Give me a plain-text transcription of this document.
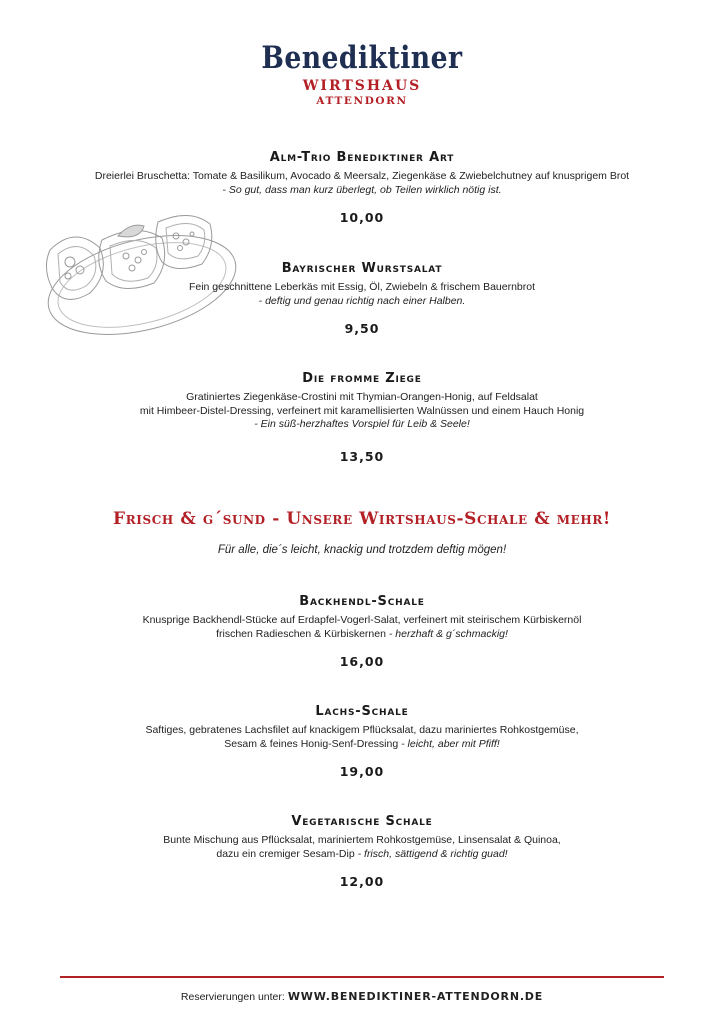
Benediktiner
WIRTSHAUS
ATTENDORN
Alm-Trio Benediktiner Art
Dreierlei Bruschetta: Tomate & Basilikum, Avocado & Meersalz, Ziegenkäse & Zwiebelchutney auf knusprigem Brot
- So gut, dass man kurz überlegt, ob Teilen wirklich nötig ist.
10,00
Bayrischer Wurstsalat
Fein geschnittene Leberkäs mit Essig, Öl, Zwiebeln & frischem Bauernbrot
- deftig und genau richtig nach einer Halben.
9,50
Die fromme Ziege
Gratiniertes Ziegenkäse-Crostini mit Thymian-Orangen-Honig, auf Feldsalat
mit Himbeer-Distel-Dressing, verfeinert mit karamellisierten Walnüssen und einem Hauch Honig
- Ein süß-herzhaftes Vorspiel für Leib & Seele!
13,50
Frisch & g´sund - Unsere Wirtshaus-Schale & mehr!
Für alle, die´s leicht, knackig und trotzdem deftig mögen!
Backhendl-Schale
Knusprige Backhendl-Stücke auf Erdapfel-Vogerl-Salat, verfeinert mit steirischem Kürbiskernöl
frischen Radieschen & Kürbiskernen - herzhaft & g´schmackig!
16,00
Lachs-Schale
Saftiges, gebratenes Lachsfilet auf knackigem Pflücksalat, dazu mariniertes Rohkostgemüse,
Sesam & feines Honig-Senf-Dressing - leicht, aber mit Pfiff!
19,00
Vegetarische Schale
Bunte Mischung aus Pflücksalat, mariniertem Rohkostgemüse, Linsensalat & Quinoa,
dazu ein cremiger Sesam-Dip - frisch, sättigend & richtig guad!
12,00
Reservierungen unter: WWW.BENEDIKTINER-ATTENDORN.DE
